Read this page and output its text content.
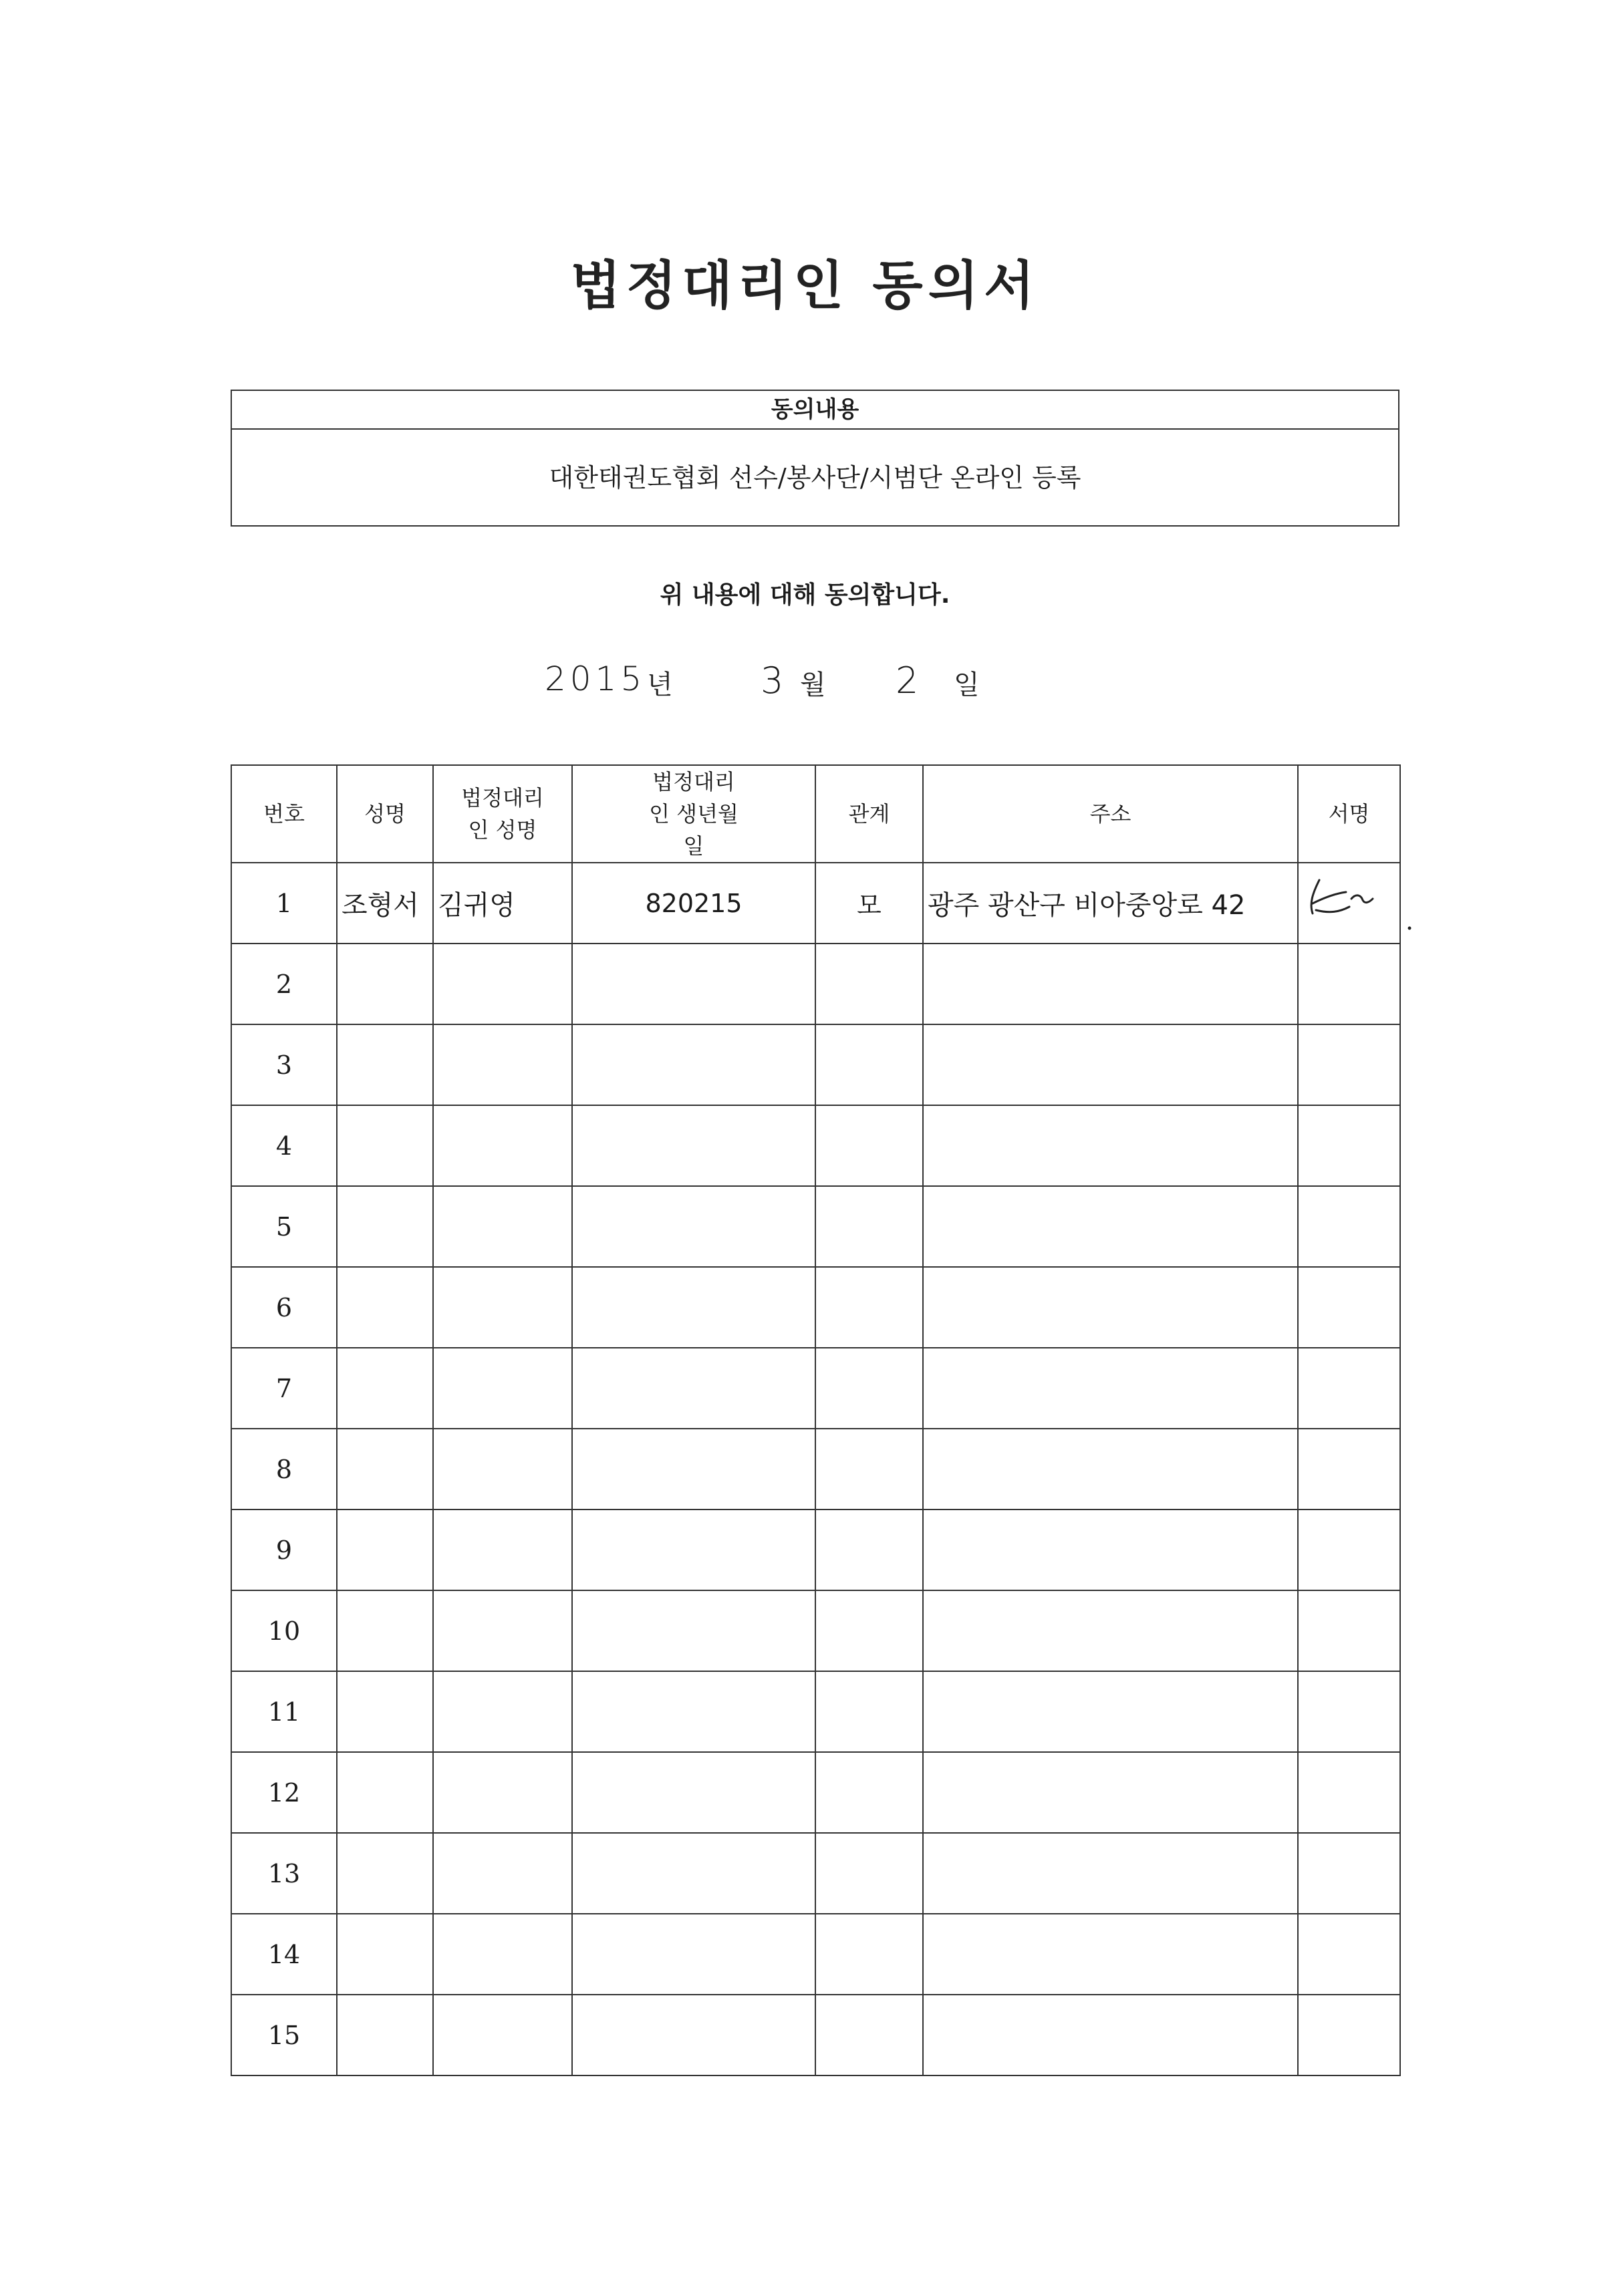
법정대리인 동의서
동의내용
대한태권도협회 선수/봉사단/시범단 온라인 등록
위 내용에 대해 동의합니다.
2015 년 3 월 2 일
번호	성명	법정대리인 성명	법정대리인 생년월일	관계	주소	서명
1	조형서	김귀영	820215	모	광주 광산구 비아중앙로 42	

2						
3						
4						
5						
6						
7						
8						
9						
10						
11						
12						
13						
14						
15						
